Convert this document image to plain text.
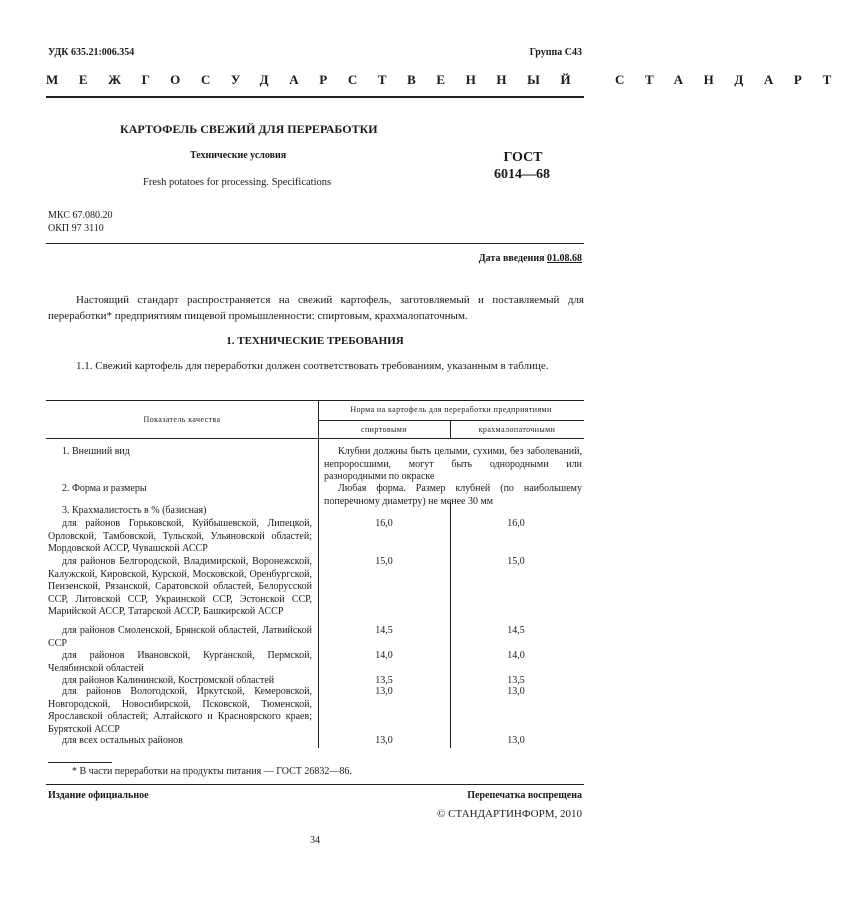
УДК 635.21:006.354	Группа С43
МЕЖГОСУДАРСТВЕННЫЙ СТАНДАРТ
КАРТОФЕЛЬ СВЕЖИЙ ДЛЯ ПЕРЕРАБОТКИ
Технические условия
Fresh potatoes for processing. Specifications
ГОСТ
6014—68
МКС 67.080.20
ОКП 97 3110
Дата введения 01.08.68
Настоящий стандарт распространяется на свежий картофель, заготовляемый и поставляемый для переработки* предприятиям пищевой промышленности: спиртовым, крахмалопаточным.
1. ТЕХНИЧЕСКИЕ ТРЕБОВАНИЯ
1.1. Свежий картофель для переработки должен соответствовать требованиям, указанным в таблице.
Показатель качества
Норма на картофель для переработки предприятиями
спиртовыми	крахмалопаточными
1. Внешний вид	Клубни должны быть целыми, сухими, без заболеваний, непроросшими, могут быть однородными или разнородными по окраске
2. Форма и размеры	Любая форма. Размер клубней (по наибольшему поперечному диаметру) не менее 30 мм
3. Крахмалистость в % (базисная)
для районов Горьковской, Куйбышевской, Липецкой, Орловской, Тамбовской, Тульской, Ульяновской областей; Мордовской АССР, Чувашской АССР
16,0	16,0
для районов Белгородской, Владимирской, Воронежской, Калужской, Кировской, Курской, Московской, Оренбургской, Пензенской, Рязанской, Саратовской областей, Белорусской ССР, Литовской ССР, Украинской ССР, Эстонской ССР, Марийской АССР, Татарской АССР, Башкирской АССР
15,0	15,0
для районов Смоленской, Брянской областей, Латвийской ССР
14,5	14,5
для районов Ивановской, Курганской, Пермской, Челябинской областей
14,0	14,0
для районов Калининской, Костромской областей	13,5	13,5
для районов Вологодской, Иркутской, Кемеровской, Новгородской, Новосибирской, Псковской, Тюменской, Ярославской областей; Алтайского и Красноярского краев; Бурятской АССР
13,0	13,0
для всех остальных районов	13,0	13,0
* В части переработки на продукты питания — ГОСТ 26832—86.
Издание официальное	Перепечатка воспрещена
© СТАНДАРТИНФОРМ, 2010
34
